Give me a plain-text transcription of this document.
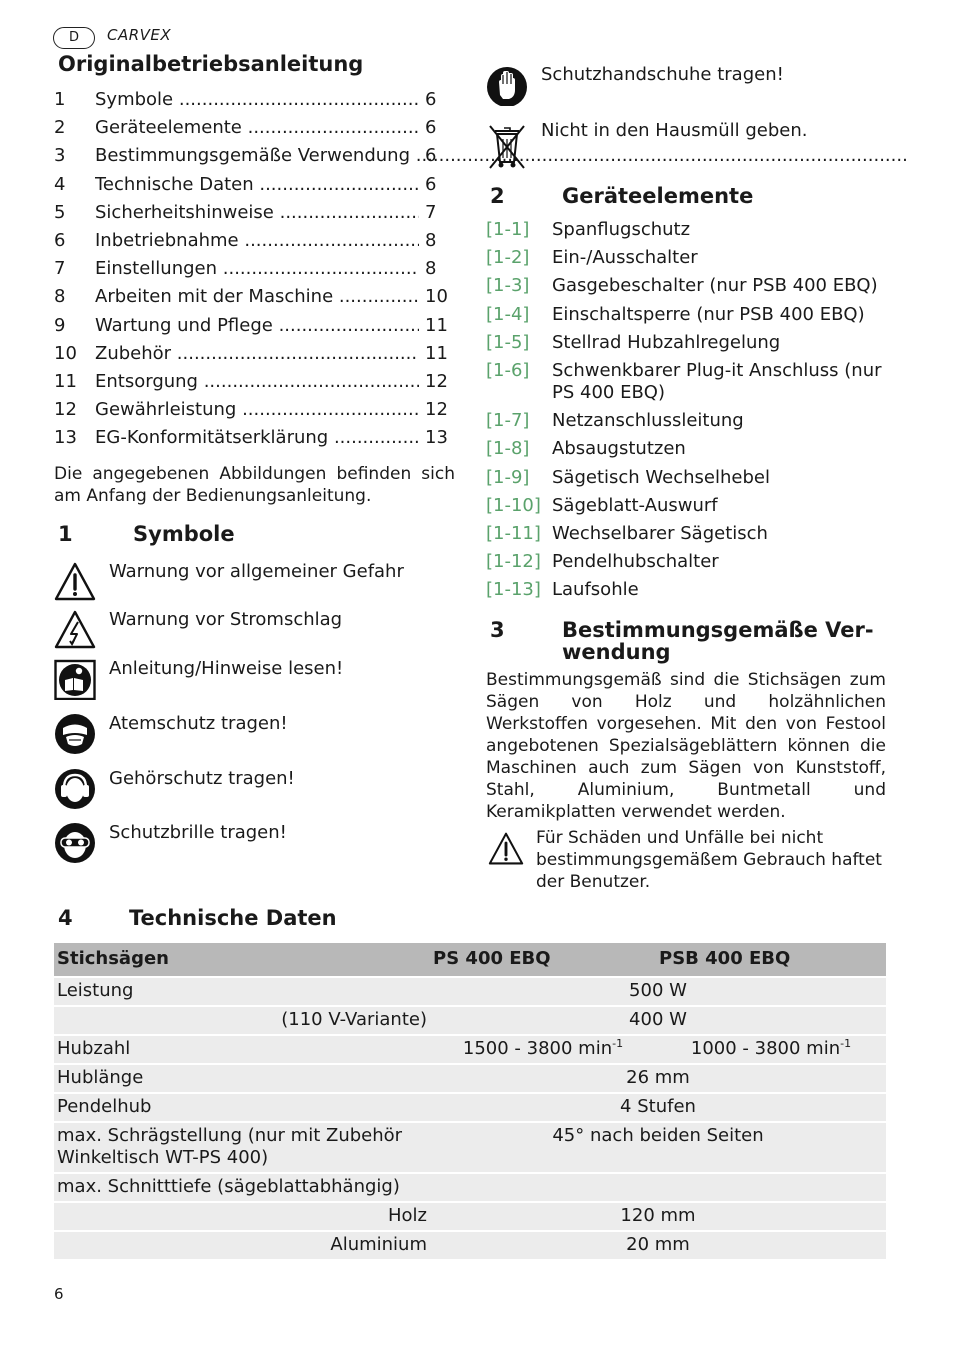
D	CARVEX
Originalbetriebsanleitung
1 Symbole .....	6
2 Geräteelemente .....	6
3 Bestimmungsgemäße Verwendung ..... 6
4 Technische Daten .....	6
5 Sicherheitshinweise .....	7
6 Inbetriebnahme .....	8
7 Einstellungen .....	8
8 Arbeiten mit der Maschine .....	10
9 Wartung und Pflege .....	11
10 Zubehör .....	11
11 Entsorgung .....	12
12 Gewährleistung .....	12
13 EG-Konformitätserklärung .....	13
Die angegebenen Abbildungen befinden sich am Anfang der Bedienungsanleitung.
1	Symbole
Warnung vor allgemeiner Gefahr
Warnung vor Stromschlag
Anleitung/Hinweise lesen!
Atemschutz tragen!
Gehörschutz tragen!
Schutzbrille tragen!
Schutzhandschuhe tragen!
Nicht in den Hausmüll geben.
2	Geräteelemente
[1-1] Spanflugschutz
[1-2] Ein-/Ausschalter
[1-3] Gasgebeschalter (nur PSB 400 EBQ)
[1-4] Einschaltsperre (nur PSB 400 EBQ)
[1-5] Stellrad Hubzahlregelung
[1-6] Schwenkbarer Plug-it Anschluss (nur PS 400 EBQ)
[1-7] Netzanschlussleitung
[1-8] Absaugstutzen
[1-9] Sägetisch Wechselhebel
[1-10] Sägeblatt-Auswurf
[1-11] Wechselbarer Sägetisch
[1-12] Pendelhubschalter
[1-13] Laufsohle
3	Bestimmungsgemäße Ver-
wendung
Bestimmungsgemäß sind die Stichsägen zum Sägen von Holz und holzähnlichen Werkstoffen vorgesehen. Mit den von Festool angebotenen Spezialsägeblättern können die Maschinen auch zum Sägen von Kunststoff, Stahl, Aluminium, Buntmetall und Keramikplatten verwendet werden.
Für Schäden und Unfälle bei nicht bestimmungsgemäßem Gebrauch haftet der Benutzer.
4	Technische Daten
Stichsägen	PS 400 EBQ	PSB 400 EBQ
Leistung	500 W	
(110 V-Variante)	400 W	
Hubzahl	1500 - 3800 $\min^{-1}$	1000 - 3800 $\min^{-1}$
Hublänge	26 mm	
Pendelhub	4 Stufen	
max. Schrägstellung (nur mit Zubehör Winkeltisch WT-PS 400)	45° nach beiden Seiten	
max. Schnitttiefe (sägeblattabhängig)		
Holz	120 mm	
Aluminium	20 mm	
6
